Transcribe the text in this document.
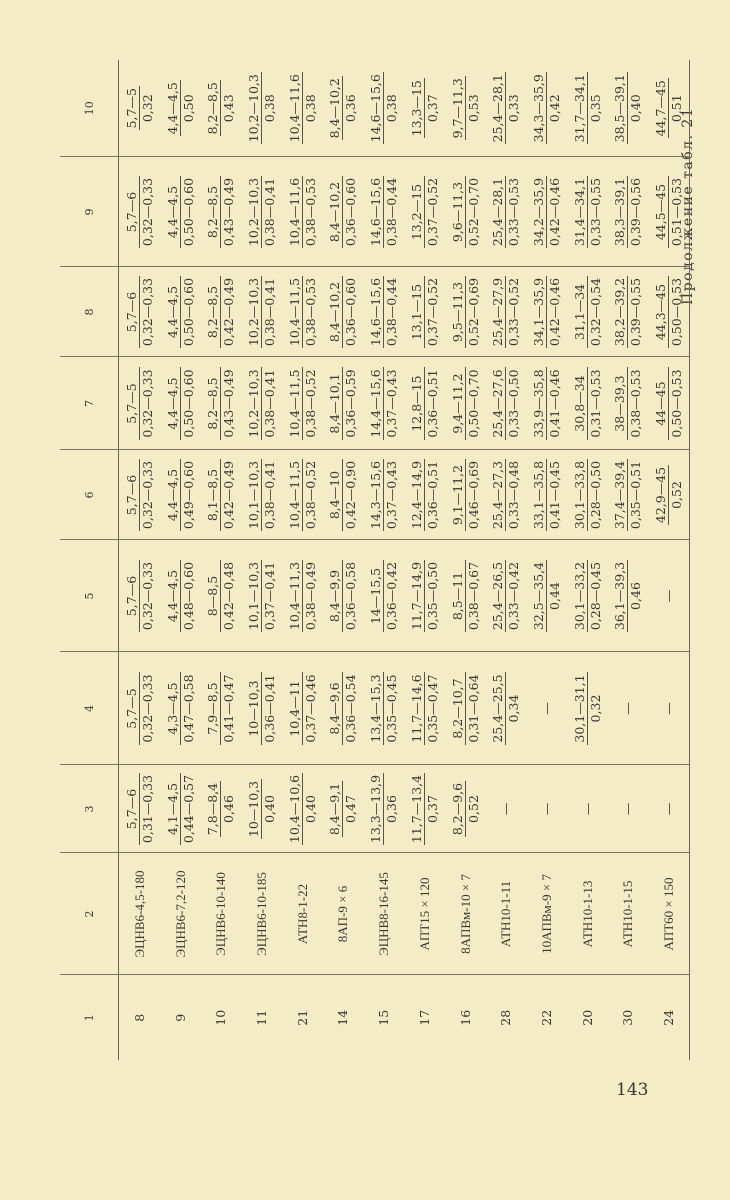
Продолжение табл. 21
1	2	3	4	5	6	7	8	9	10
8	ЭЦНВ6-4,5-180	5,7—6 0,31—0,33	5,7—5 0,32—0,33	5,7—6 0,32—0,33	5,7—6 0,32—0,33	5,7—5 0,32—0,33	5,7—6 0,32—0,33	5,7—6 0,32—0,33	5,7—5 0,32

9	ЭЦНВ6-7,2-120	4,1—4,5 0,44—0,57	4,3—4,5 0,47—0,58	4,4—4,5 0,48—0,60	4,4—4,5 0,49—0,60	4,4—4,5 0,50—0,60	4,4—4,5 0,50—0,60	4,4—4,5 0,50—0,60	4,4—4,5 0,50

10	ЭЦНВ6-10-140	7,8—8,4 0,46	7,9—8,5 0,41—0,47	8—8,5 0,42—0,48	8,1—8,5 0,42—0,49	8,2—8,5 0,43—0,49	8,2—8,5 0,42—0,49	8,2—8,5 0,43—0,49	8,2—8,5 0,43

11	ЭЦНВ6-10-185	10—10,3 0,40	10—10,3 0,36—0,41	10,1—10,3 0,37—0,41	10,1—10,3 0,38—0,41	10,2—10,3 0,38—0,41	10,2—10,3 0,38—0,41	10,2—10,3 0,38—0,41	10,2—10,3 0,38

21	АТН8-1-22	10,4—10,6 0,40	10,4—11 0,37—0,46	10,4—11,3 0,38—0,49	10,4—11,5 0,38—0,52	10,4—11,5 0,38—0,52	10,4—11,5 0,38—0,53	10,4—11,6 0,38—0,53	10,4—11,6 0,38

14	8АП-9 × 6	8,4—9,1 0,47	8,4—9,6 0,36—0,54	8,4—9,9 0,36—0,58	8,4—10 0,42—0,90	8,4—10,1 0,36—0,59	8,4—10,2 0,36—0,60	8,4—10,2 0,36—0,60	8,4—10,2 0,36

15	ЭЦНВ8-16-145	13,3—13,9 0,36	13,4—15,3 0,35—0,45	14—15,5 0,36—0,42	14,3—15,6 0,37—0,43	14,4—15,6 0,37—0,43	14,6—15,6 0,38—0,44	14,6—15,6 0,38—0,44	14,6—15,6 0,38

17	АПТ15 × 120	11,7—13,4 0,37	11,7—14,6 0,35—0,47	11,7—14,9 0,35—0,50	12,4—14,9 0,36—0,51	12,8—15 0,36—0,51	13,1—15 0,37—0,52	13,2—15 0,37—0,52	13,3—15 0,37

16	8АПВм-10 × 7	8,2—9,6 0,52	8,2—10,7 0,31—0,64	8,5—11 0,38—0,67	9,1—11,2 0,46—0,69	9,4—11,2 0,50—0,70	9,5—11,3 0,52—0,69	9,6—11,3 0,52—0,70	9,7—11,3 0,53

28	АТН10-1-11	—	25,4—25,5 0,34	25,4—26,5 0,33—0,42	25,4—27,3 0,33—0,48	25,4—27,6 0,33—0,50	25,4—27,9 0,33—0,52	25,4—28,1 0,33—0,53	25,4—28,1 0,33

22	10АПВм-9 × 7	—	—	32,5—35,4 0,44	33,1—35,8 0,41—0,45	33,9—35,8 0,41—0,46	34,1—35,9 0,42—0,46	34,2—35,9 0,42—0,46	34,3—35,9 0,42

20	АТН10-1-13	—	30,1—31,1 0,32	30,1—33,2 0,28—0,45	30,1—33,8 0,28—0,50	30,8—34 0,31—0,53	31,1—34 0,32—0,54	31,4—34,1 0,33—0,55	31,7—34,1 0,35

30	АТН10-1-15	—	—	36,1—39,3 0,46	37,4—39,4 0,35—0,51	38—39,3 0,38—0,53	38,2—39,2 0,39—0,55	38,3—39,1 0,39—0,56	38,5—39,1 0,40

24	АПТ60 × 150	—	—	—	42,9—45 0,52	44—45 0,50—0,53	44,3—45 0,50—0,53	44,5—45 0,51—0,53	44,7—45 0,51
143
